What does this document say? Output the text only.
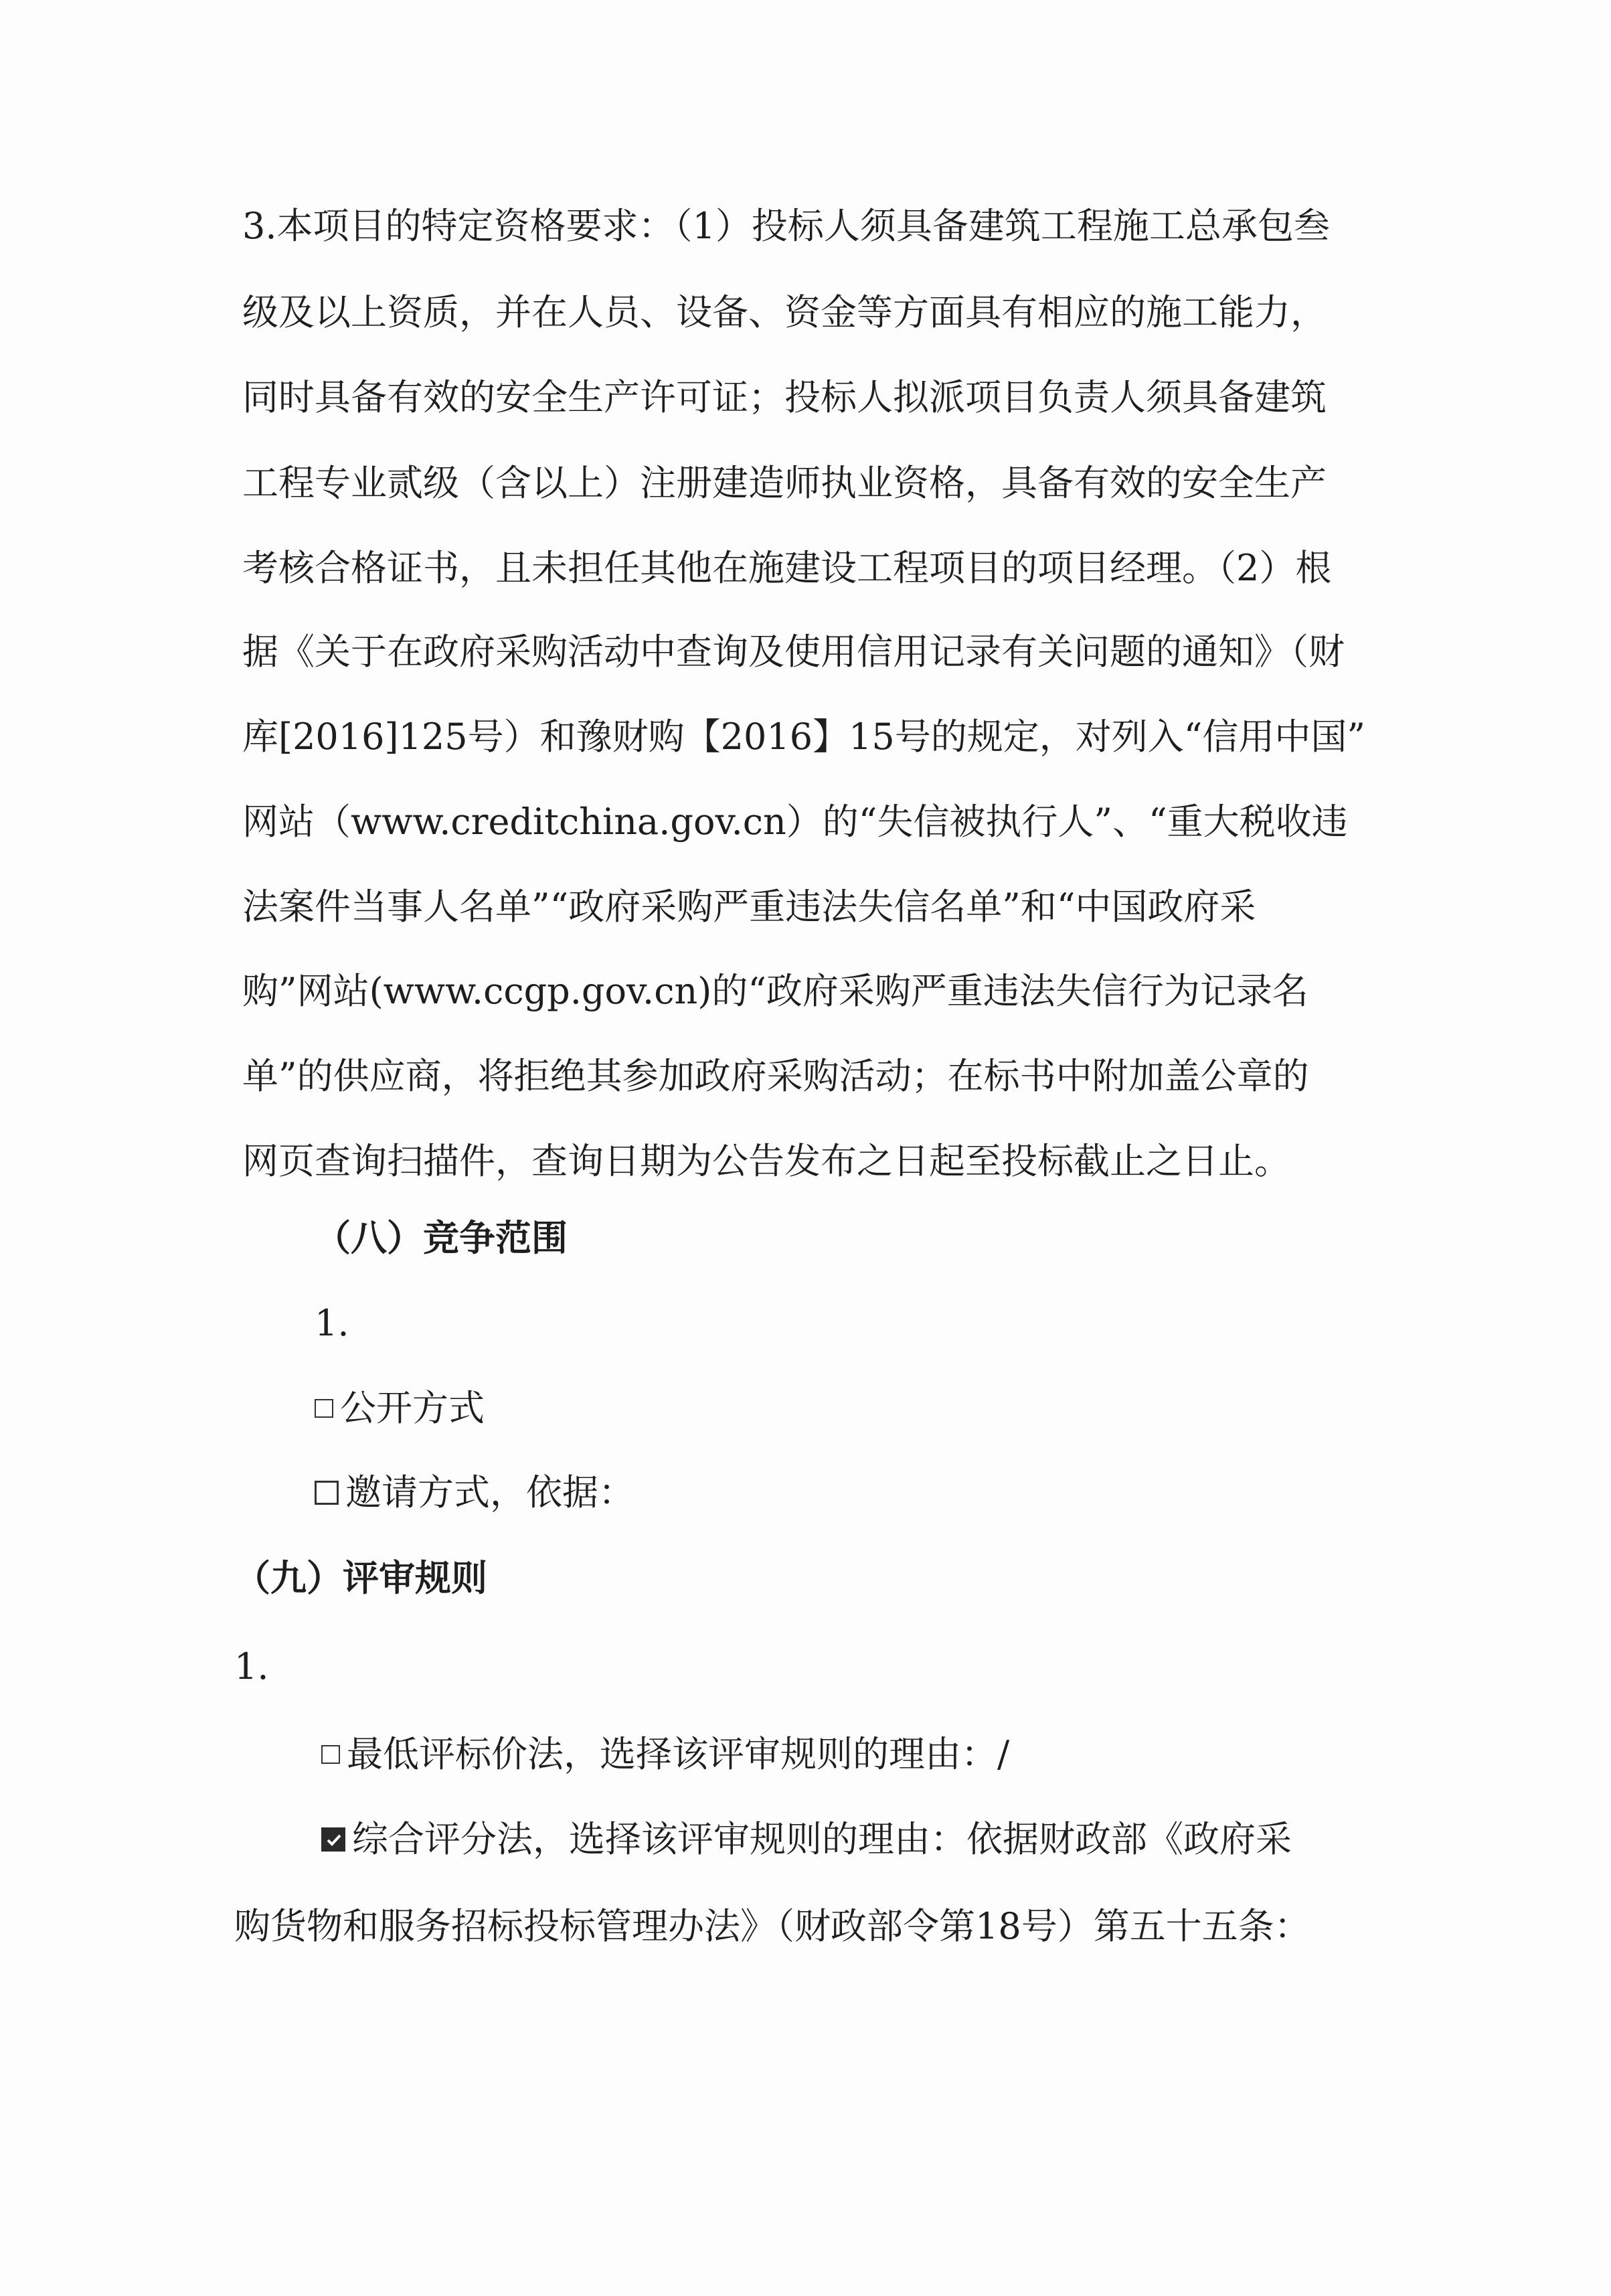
3.本项目的特定资格要求：（1）投标人须具备建筑工程施工总承包叁
级及以上资质，并在人员、设备、资金等方面具有相应的施工能力，
同时具备有效的安全生产许可证；投标人拟派项目负责人须具备建筑
工程专业贰级（含以上）注册建造师执业资格，具备有效的安全生产
考核合格证书，且未担任其他在施建设工程项目的项目经理。（2）根
据《关于在政府采购活动中查询及使用信用记录有关问题的通知》（财
库[2016]125号）和豫财购【2016】15号的规定，对列入“信用中国”
网站（www.creditchina.gov.cn）的“失信被执行人”、“重大税收违
法案件当事人名单”“政府采购严重违法失信名单”和“中国政府采
购”网站(www.ccgp.gov.cn)的“政府采购严重违法失信行为记录名
单”的供应商，将拒绝其参加政府采购活动；在标书中附加盖公章的
网页查询扫描件，查询日期为公告发布之日起至投标截止之日止。
（八）竞争范围
1.
公开方式
邀请方式，依据：
（九）评审规则
1.
最低评标价法，选择该评审规则的理由：/
综合评分法，选择该评审规则的理由：依据财政部《政府采
购货物和服务招标投标管理办法》（财政部令第18号）第五十五条：
